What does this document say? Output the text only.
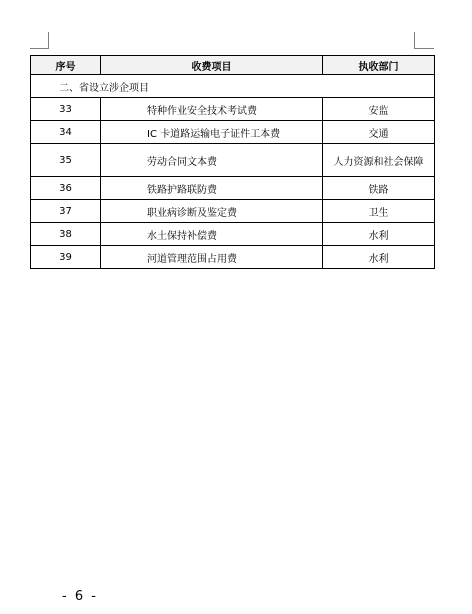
序号	收费项目	执收部门
二、省设立涉企项目		
33	特种作业安全技术考试费	安监
34	IC 卡道路运输电子证件工本费	交通
35	劳动合同文本费	人力资源和社会保障
36	铁路护路联防费	铁路
37	职业病诊断及鉴定费	卫生
38	水土保持补偿费	水利
39	河道管理范围占用费	水利
- 6 -
